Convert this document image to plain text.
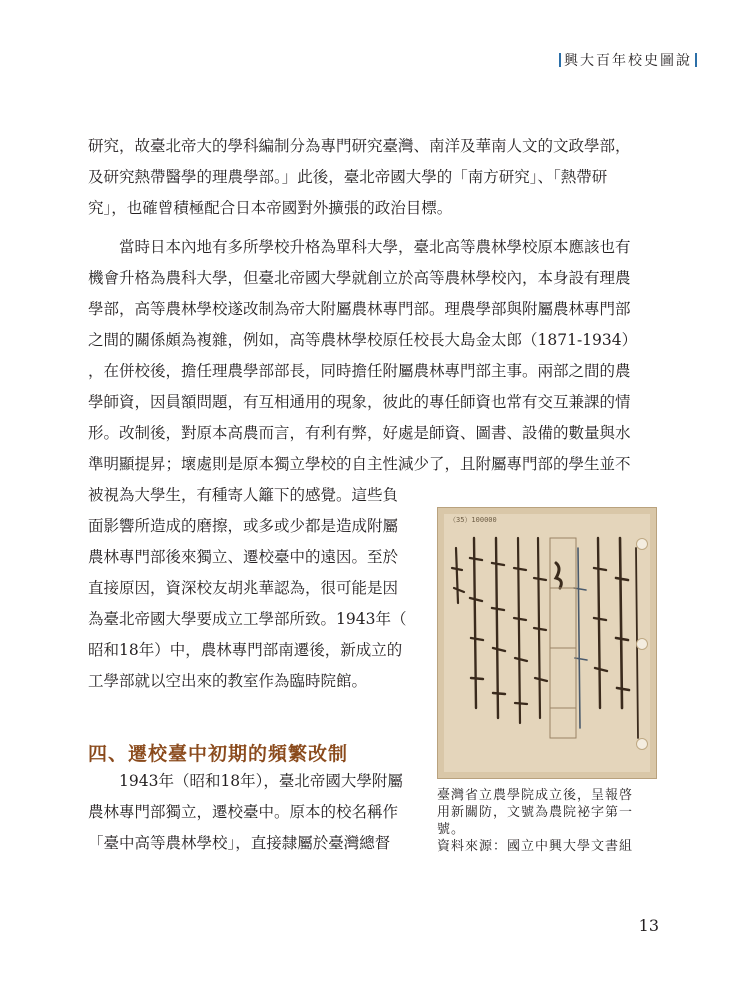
興大百年校史圖說

研究，故臺北帝大的學科編制分為專門研究臺灣、南洋及華南人文的文政學部，

及研究熱帶醫學的理農學部。」此後，臺北帝國大學的「南方研究」、「熱帶研

究」，也確曾積極配合日本帝國對外擴張的政治目標。

　　當時日本內地有多所學校升格為單科大學，臺北高等農林學校原本應該也有

機會升格為農科大學，但臺北帝國大學就創立於高等農林學校內，本身設有理農

學部，高等農林學校遂改制為帝大附屬農林專門部。理農學部與附屬農林專門部

之間的關係頗為複雜，例如，高等農林學校原任校長大島金太郎（1871-1934）

，在併校後，擔任理農學部部長，同時擔任附屬農林專門部主事。兩部之間的農

學師資，因員額問題，有互相通用的現象，彼此的專任師資也常有交互兼課的情

形。改制後，對原本高農而言，有利有弊，好處是師資、圖書、設備的數量與水

準明顯提昇；壞處則是原本獨立學校的自主性減少了，且附屬專門部的學生並不

被視為大學生，有種寄人籬下的感覺。這些負

面影響所造成的磨擦，或多或少都是造成附屬

農林專門部後來獨立、遷校臺中的遠因。至於

直接原因，資深校友胡兆華認為，很可能是因

為臺北帝國大學要成立工學部所致。1943年（

昭和18年）中，農林專門部南遷後，新成立的

工學部就以空出來的教室作為臨時院館。

四、遷校臺中初期的頻繁改制

　　1943年（昭和18年），臺北帝國大學附屬

農林專門部獨立，遷校臺中。原本的校名稱作

「臺中高等農林學校」，直接隸屬於臺灣總督

（35）100000

臺灣省立農學院成立後，呈報啓

用新關防，文號為農院袐字第一

號。

資料來源：國立中興大學文書組

13
